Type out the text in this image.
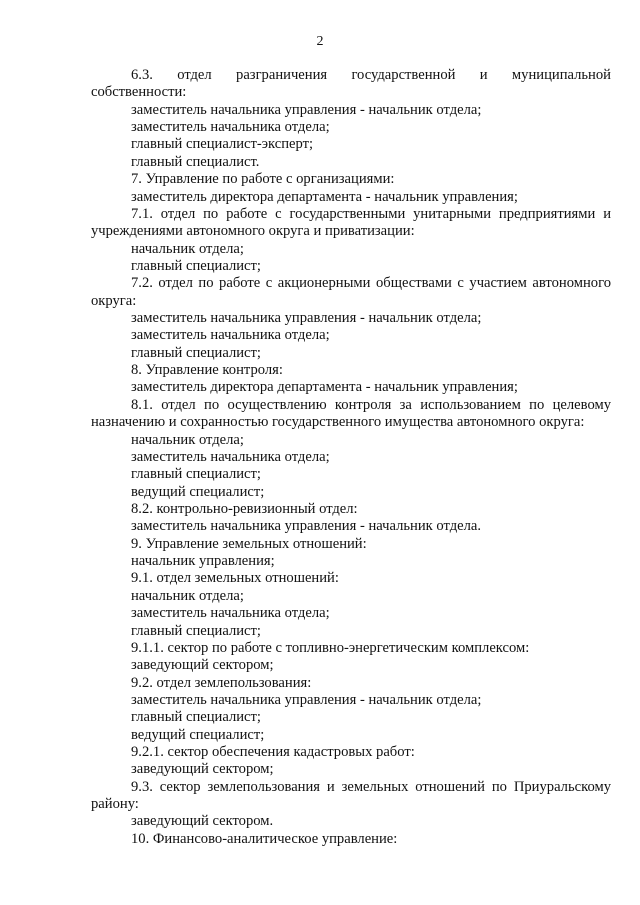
2
6.3. отдел разграничения государственной и муниципальной
собственности:
заместитель начальника управления - начальник отдела;
заместитель начальника отдела;
главный специалист-эксперт;
главный специалист.
7. Управление по работе с организациями:
заместитель директора департамента - начальник управления;
7.1. отдел по работе с государственными унитарными предприятиями и
учреждениями автономного округа и приватизации:
начальник отдела;
главный специалист;
7.2. отдел по работе с акционерными обществами с участием автономного
округа:
заместитель начальника управления - начальник отдела;
заместитель начальника отдела;
главный специалист;
8. Управление контроля:
заместитель директора департамента - начальник управления;
8.1. отдел по осуществлению контроля за использованием по целевому
назначению и сохранностью государственного имущества автономного округа:
начальник отдела;
заместитель начальника отдела;
главный специалист;
ведущий специалист;
8.2. контрольно-ревизионный отдел:
заместитель начальника управления - начальник отдела.
9. Управление земельных отношений:
начальник управления;
9.1. отдел земельных отношений:
начальник отдела;
заместитель начальника отдела;
главный специалист;
9.1.1. сектор по работе с топливно-энергетическим комплексом:
заведующий сектором;
9.2. отдел землепользования:
заместитель начальника управления - начальник отдела;
главный специалист;
ведущий специалист;
9.2.1. сектор обеспечения кадастровых работ:
заведующий сектором;
9.3. сектор землепользования и земельных отношений по Приуральскому
району:
заведующий сектором.
10. Финансово-аналитическое управление:
